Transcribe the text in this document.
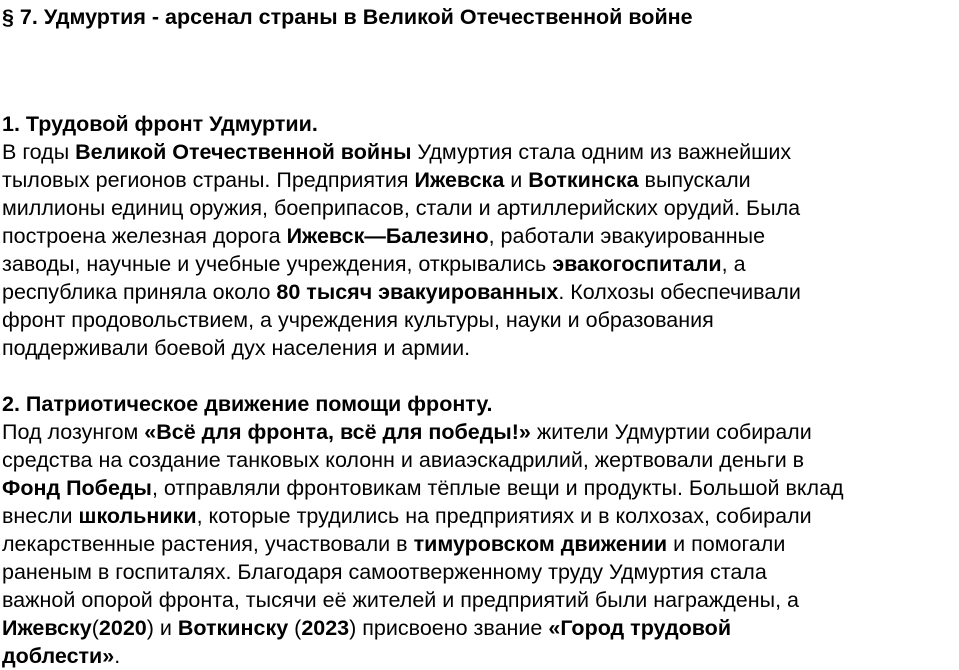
§ 7. Удмуртия - арсенал страны в Великой Отечественной войне
1. Трудовой фронт Удмуртии.

В годы Великой Отечественной войны Удмуртия стала одним из важнейших
тыловых регионов страны. Предприятия Ижевска и Воткинска выпускали
миллионы единиц оружия, боеприпасов, стали и артиллерийских орудий. Была
построена железная дорога Ижевск—Балезино, работали эвакуированные
заводы, научные и учебные учреждения, открывались эвакогоспитали, а
республика приняла около 80 тысяч эвакуированных. Колхозы обеспечивали
фронт продовольствием, а учреждения культуры, науки и образования
поддерживали боевой дух населения и армии.

2. Патриотическое движение помощи фронту.

Под лозунгом «Всё для фронта, всё для победы!» жители Удмуртии собирали
средства на создание танковых колонн и авиаэскадрилий, жертвовали деньги в
Фонд Победы, отправляли фронтовикам тёплые вещи и продукты. Большой вклад
внесли школьники, которые трудились на предприятиях и в колхозах, собирали
лекарственные растения, участвовали в тимуровском движении и помогали
раненым в госпиталях. Благодаря самоотверженному труду Удмуртия стала
важной опорой фронта, тысячи её жителей и предприятий были награждены, а
Ижевску(2020) и Воткинску (2023) присвоено звание «Город трудовой
доблести».
